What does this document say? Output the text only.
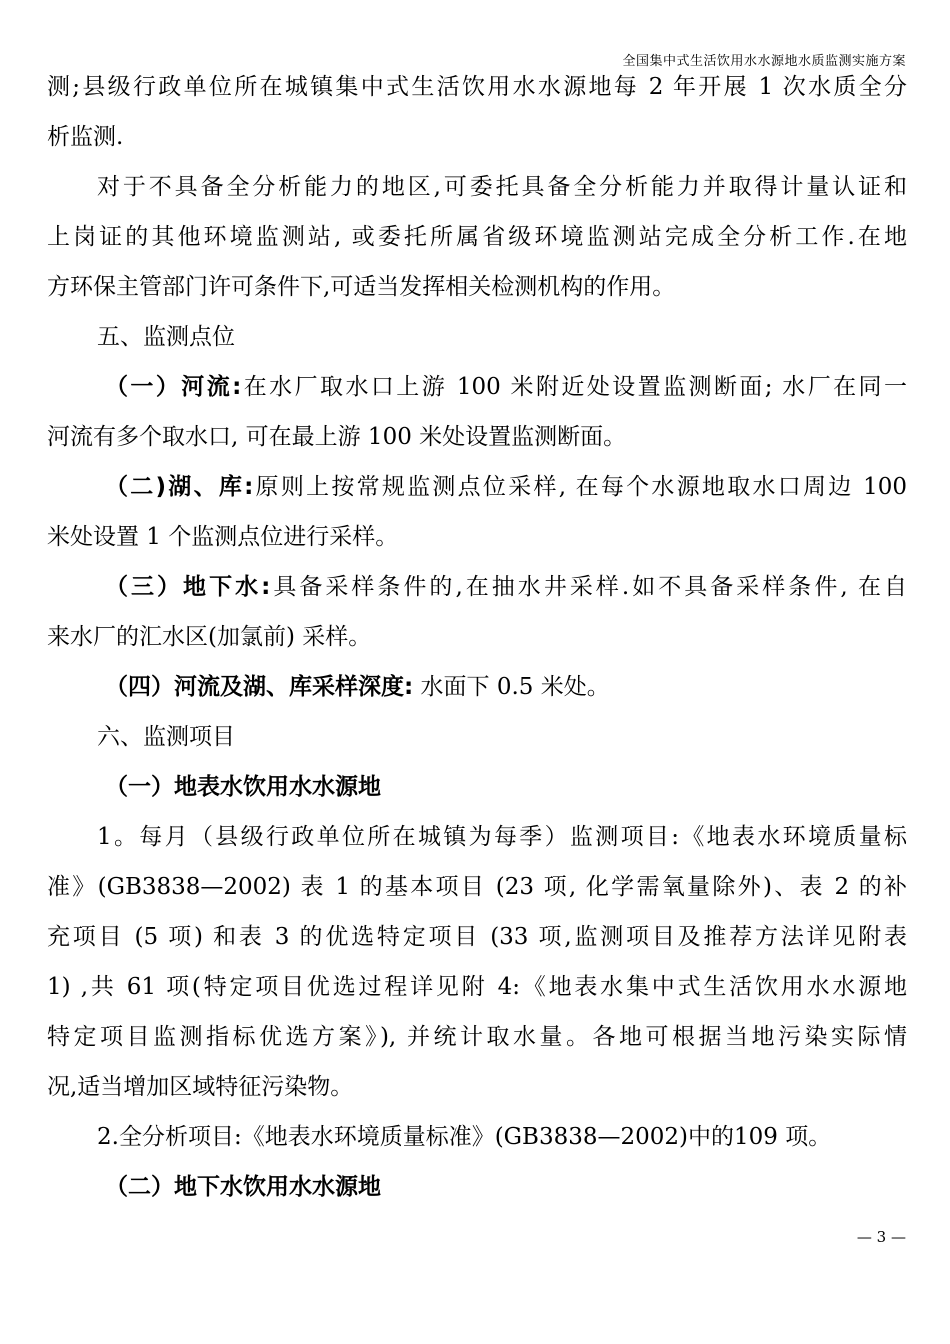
全国集中式生活饮用水水源地水质监测实施方案
测;县级行政单位所在城镇集中式生活饮用水水源地每 2 年开展 1 次水质全分
析监测.
对于不具备全分析能力的地区,可委托具备全分析能力并取得计量认证和
上岗证的其他环境监测站, 或委托所属省级环境监测站完成全分析工作.在地
方环保主管部门许可条件下,可适当发挥相关检测机构的作用。
五、监测点位
（一）河流:在水厂取水口上游 100 米附近处设置监测断面; 水厂在同一
河流有多个取水口, 可在最上游 100 米处设置监测断面。
（二)湖、库:原则上按常规监测点位采样, 在每个水源地取水口周边 100
米处设置 1 个监测点位进行采样。
（三）地下水:具备采样条件的,在抽水井采样.如不具备采样条件, 在自
来水厂的汇水区(加氯前) 采样。
（四）河流及湖、库采样深度: 水面下 0.5 米处。
六、监测项目
（一）地表水饮用水水源地
1。每月（县级行政单位所在城镇为每季）监测项目:《地表水环境质量标
准》(GB3838—2002) 表 1 的基本项目 (23 项, 化学需氧量除外)、表 2 的补
充项目 (5 项) 和表 3 的优选特定项目 (33 项,监测项目及推荐方法详见附表
1) ,共 61 项(特定项目优选过程详见附 4:《地表水集中式生活饮用水水源地
特定项目监测指标优选方案》), 并统计取水量。各地可根据当地污染实际情
况,适当增加区域特征污染物。
2.全分析项目:《地表水环境质量标准》(GB3838—2002)中的109 项。
（二）地下水饮用水水源地
— 3 —
